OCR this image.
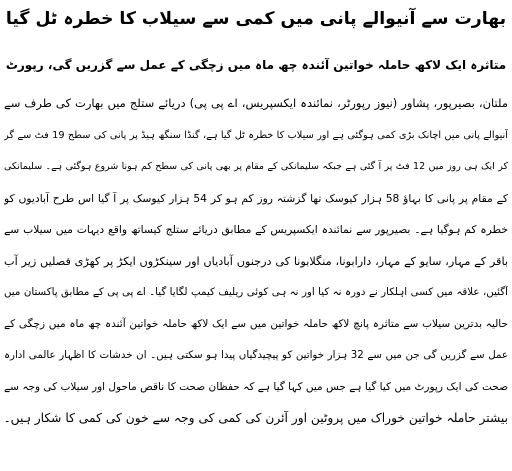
بھارت سے آنیوالے پانی میں کمی سے سیلاب کا خطرہ ٹل گیا
متاثرہ ایک لاکھ حاملہ خواتین آئندہ چھ ماہ میں زچگی کے عمل سے گزریں گی، رپورٹ
ملتان، بصیرپور، پشاور (نیوز رپورٹر، نمائندہ ایکسپریس، اے پی پی) دریائے ستلج میں بھارت کی طرف سے
آنیوالے پانی میں اچانک بڑی کمی ہوگئی ہے اور سیلاب کا خطرہ ٹل گیا ہے، گنڈا سنگھ ہیڈ پر پانی کی سطح 19 فٹ سے گر
کر ایک ہی روز میں 12 فٹ پر آ گئی ہے جبکہ سلیمانکی کے مقام پر بھی پانی کی سطح کم ہونا شروع ہوگئی ہے۔ سلیمانکی
کے مقام پر پانی کا بہاؤ 58 ہزار کیوسک تھا گزشتہ روز کم ہو کر 54 ہزار کیوسک پر آ گیا اس طرح آبادیوں کو
خطرہ کم ہوگیا ہے۔ بصیرپور سے نمائندہ ایکسپریس کے مطابق دریائے ستلج کیساتھ واقع دیہات میں سیلاب سے
باقر کے مہار، سایو کے مہار، دارابونا، منگلابونا کی درجنوں آبادیاں اور سینکڑوں ایکڑ پر کھڑی فصلیں زیر آب
آگئیں، علاقہ میں کسی اہلکار نے دورہ نہ کیا اور نہ ہی کوئی ریلیف کیمپ لگایا گیا۔ اے پی پی کے مطابق پاکستان میں
حالیہ بدترین سیلاب سے متاثرہ پانچ لاکھ حاملہ خواتین میں سے ایک لاکھ حاملہ خواتین آئندہ چھ ماہ میں زچگی کے
عمل سے گزریں گی جن میں سے 32 ہزار خواتین کو پیچیدگیاں پیدا ہو سکتی ہیں۔ ان خدشات کا اظہار عالمی ادارہ
صحت کی ایک رپورٹ میں کیا گیا ہے جس میں کہا گیا ہے کہ حفظان صحت کا ناقص ماحول اور سیلاب کی وجہ سے
بیشتر حاملہ خواتین خوراک میں پروٹین اور آئرن کی کمی کی وجہ سے خون کی کمی کا شکار ہیں۔
